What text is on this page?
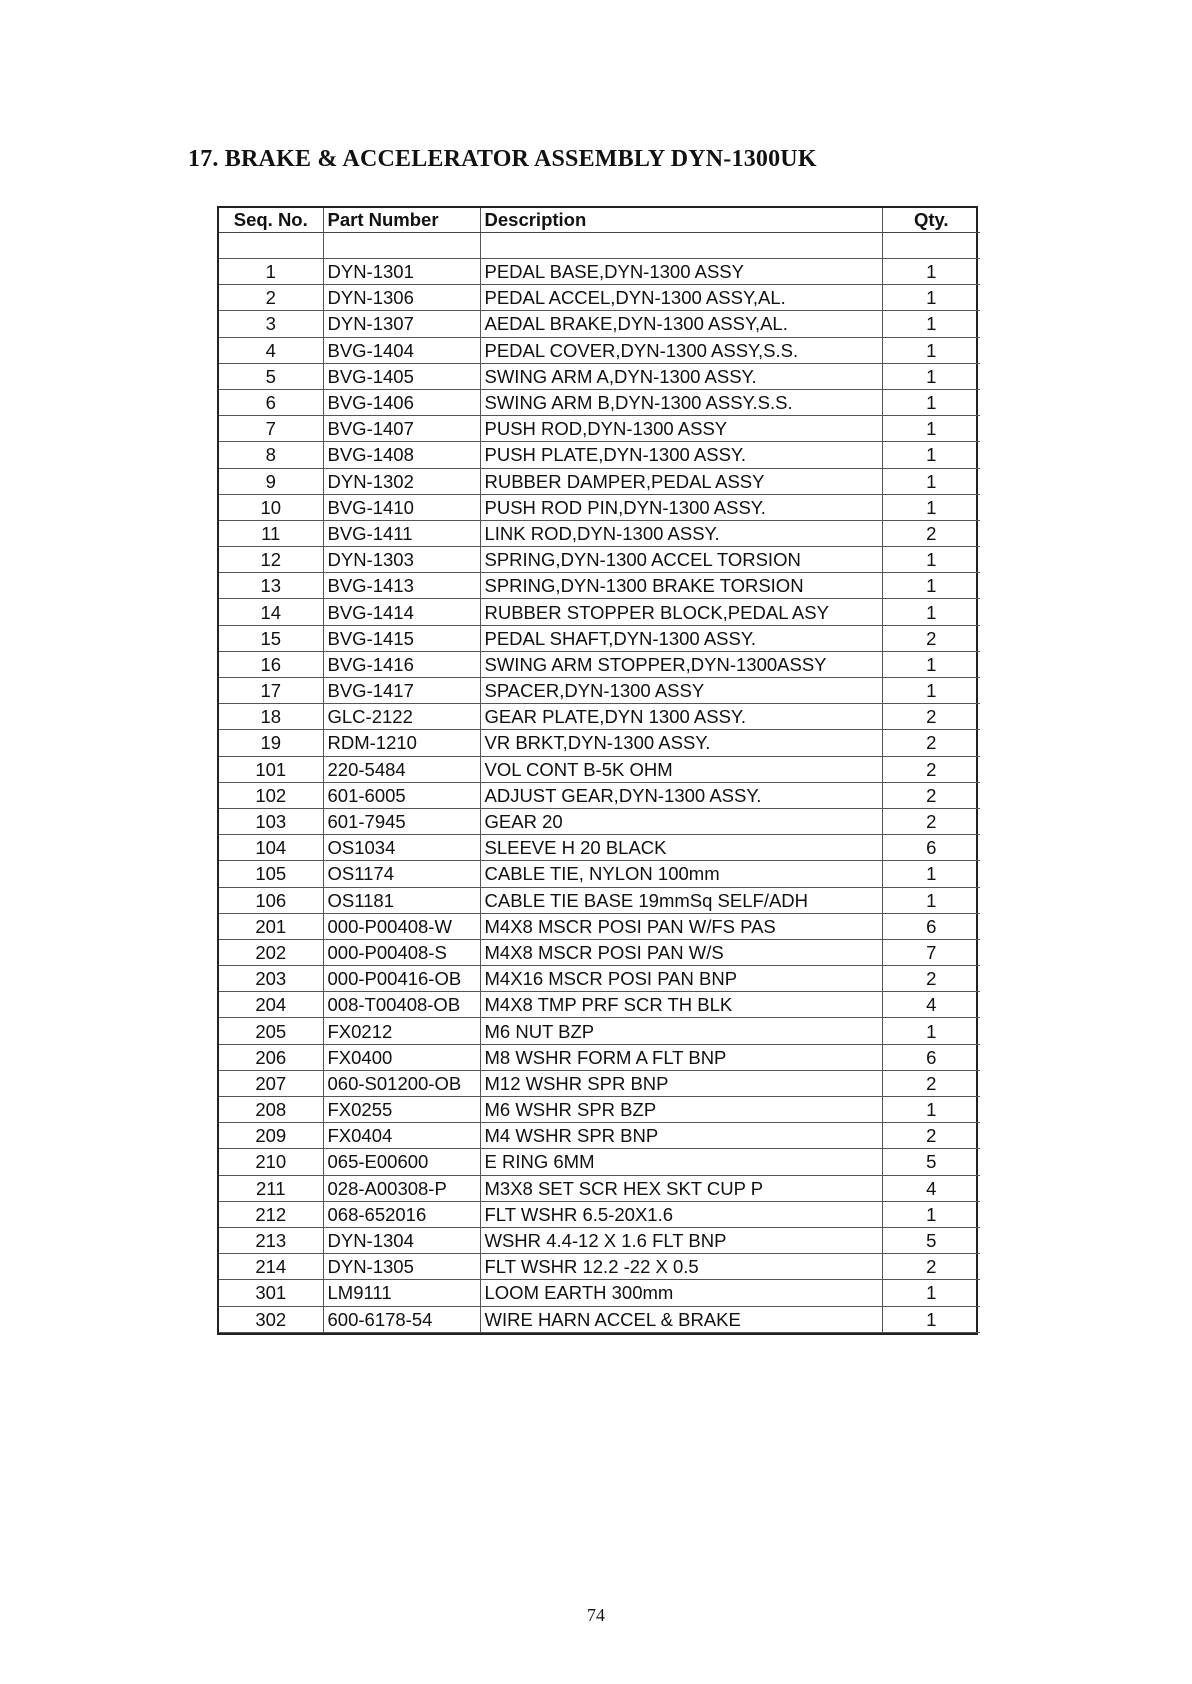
17. BRAKE & ACCELERATOR ASSEMBLY DYN-1300UK
Seq. No.	Part Number	Description	Qty.

1	DYN-1301	PEDAL BASE,DYN-1300 ASSY	1
2	DYN-1306	PEDAL ACCEL,DYN-1300 ASSY,AL.	1
3	DYN-1307	AEDAL BRAKE,DYN-1300 ASSY,AL.	1
4	BVG-1404	PEDAL COVER,DYN-1300 ASSY,S.S.	1
5	BVG-1405	SWING ARM A,DYN-1300 ASSY.	1
6	BVG-1406	SWING ARM B,DYN-1300 ASSY.S.S.	1
7	BVG-1407	PUSH ROD,DYN-1300 ASSY	1
8	BVG-1408	PUSH PLATE,DYN-1300 ASSY.	1
9	DYN-1302	RUBBER DAMPER,PEDAL ASSY	1
10	BVG-1410	PUSH ROD PIN,DYN-1300 ASSY.	1
11	BVG-1411	LINK ROD,DYN-1300 ASSY.	2
12	DYN-1303	SPRING,DYN-1300 ACCEL TORSION	1
13	BVG-1413	SPRING,DYN-1300 BRAKE TORSION	1
14	BVG-1414	RUBBER STOPPER BLOCK,PEDAL ASY	1
15	BVG-1415	PEDAL SHAFT,DYN-1300 ASSY.	2
16	BVG-1416	SWING ARM STOPPER,DYN-1300ASSY	1
17	BVG-1417	SPACER,DYN-1300 ASSY	1
18	GLC-2122	GEAR PLATE,DYN 1300 ASSY.	2
19	RDM-1210	VR BRKT,DYN-1300 ASSY.	2
101	220-5484	VOL CONT B-5K OHM	2
102	601-6005	ADJUST GEAR,DYN-1300 ASSY.	2
103	601-7945	GEAR 20	2
104	OS1034	SLEEVE H 20 BLACK	6
105	OS1174	CABLE TIE, NYLON 100mm	1
106	OS1181	CABLE TIE BASE 19mmSq SELF/ADH	1
201	000-P00408-W	M4X8 MSCR POSI PAN W/FS PAS	6
202	000-P00408-S	M4X8 MSCR POSI PAN W/S	7
203	000-P00416-OB	M4X16 MSCR POSI PAN BNP	2
204	008-T00408-OB	M4X8 TMP PRF SCR TH BLK	4
205	FX0212	M6 NUT BZP	1
206	FX0400	M8 WSHR FORM A FLT BNP	6
207	060-S01200-OB	M12 WSHR SPR BNP	2
208	FX0255	M6 WSHR SPR BZP	1
209	FX0404	M4 WSHR SPR BNP	2
210	065-E00600	E RING 6MM	5
211	028-A00308-P	M3X8 SET SCR HEX SKT CUP P	4
212	068-652016	FLT WSHR 6.5-20X1.6	1
213	DYN-1304	WSHR 4.4-12 X 1.6 FLT BNP	5
214	DYN-1305	FLT WSHR 12.2 -22 X 0.5	2
301	LM9111	LOOM EARTH 300mm	1
302	600-6178-54	WIRE HARN ACCEL & BRAKE	1
74
